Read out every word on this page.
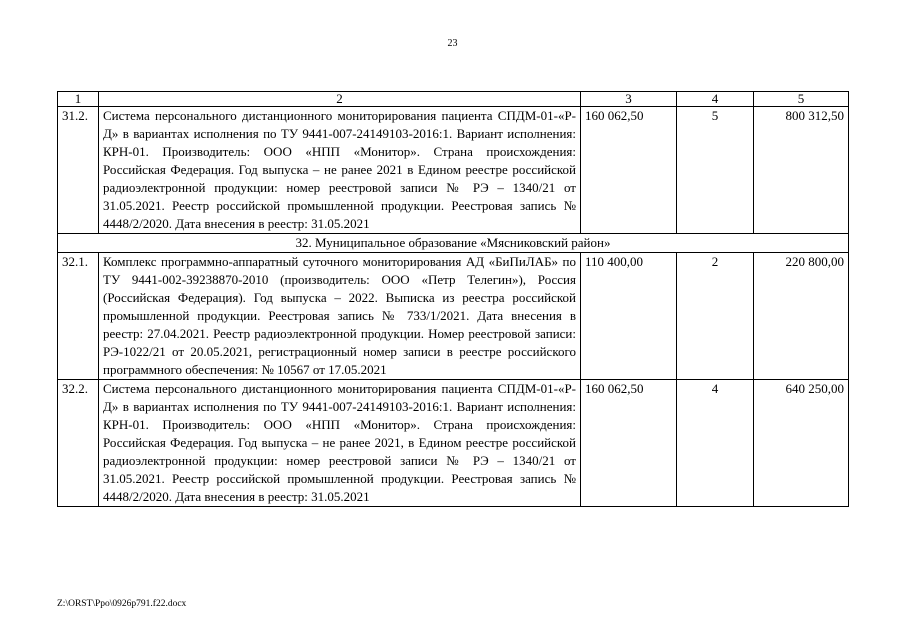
23
1	2	3	4	5
31.2.	Система персонального дистанционного мониторирования пациента СПДМ-01-«Р-Д» в вариантах исполнения по ТУ 9441-007-24149103-2016:1. Вариант исполнения: КРН-01. Производитель: ООО «НПП «Монитор». Страна происхождения: Российская Федерация. Год выпуска – не ранее 2021 в Едином реестре российской радиоэлектронной продукции: номер реестровой записи № РЭ – 1340/21 от 31.05.2021. Реестр российской промышленной продукции. Реестровая запись № 4448/2/2020. Дата внесения в реестр: 31.05.2021	160 062,50	5	800 312,50
32. Муниципальное образование «Мясниковский район»				
32.1.	Комплекс программно-аппаратный суточного мониторирования АД «БиПиЛАБ» по ТУ 9441-002-39238870-2010 (производитель: ООО «Петр Телегин»), Россия (Российская Федерация). Год выпуска – 2022. Выписка из реестра российской промышленной продукции. Реестровая запись № 733/1/2021. Дата внесения в реестр: 27.04.2021. Реестр радиоэлектронной продукции. Номер реестровой записи: РЭ-1022/21 от 20.05.2021, регистрационный номер записи в реестре российского программного обеспечения: № 10567 от 17.05.2021	110 400,00	2	220 800,00
32.2.	Система персонального дистанционного мониторирования пациента СПДМ-01-«Р-Д» в вариантах исполнения по ТУ 9441-007-24149103-2016:1. Вариант исполнения: КРН-01. Производитель: ООО «НПП «Монитор». Страна происхождения: Российская Федерация. Год выпуска – не ранее 2021, в Едином реестре российской радиоэлектронной продукции: номер реестровой записи № РЭ – 1340/21 от 31.05.2021. Реестр российской промышленной продукции. Реестровая запись № 4448/2/2020. Дата внесения в реестр: 31.05.2021	160 062,50	4	640 250,00
Z:\ORST\Ppo\0926p791.f22.docx
